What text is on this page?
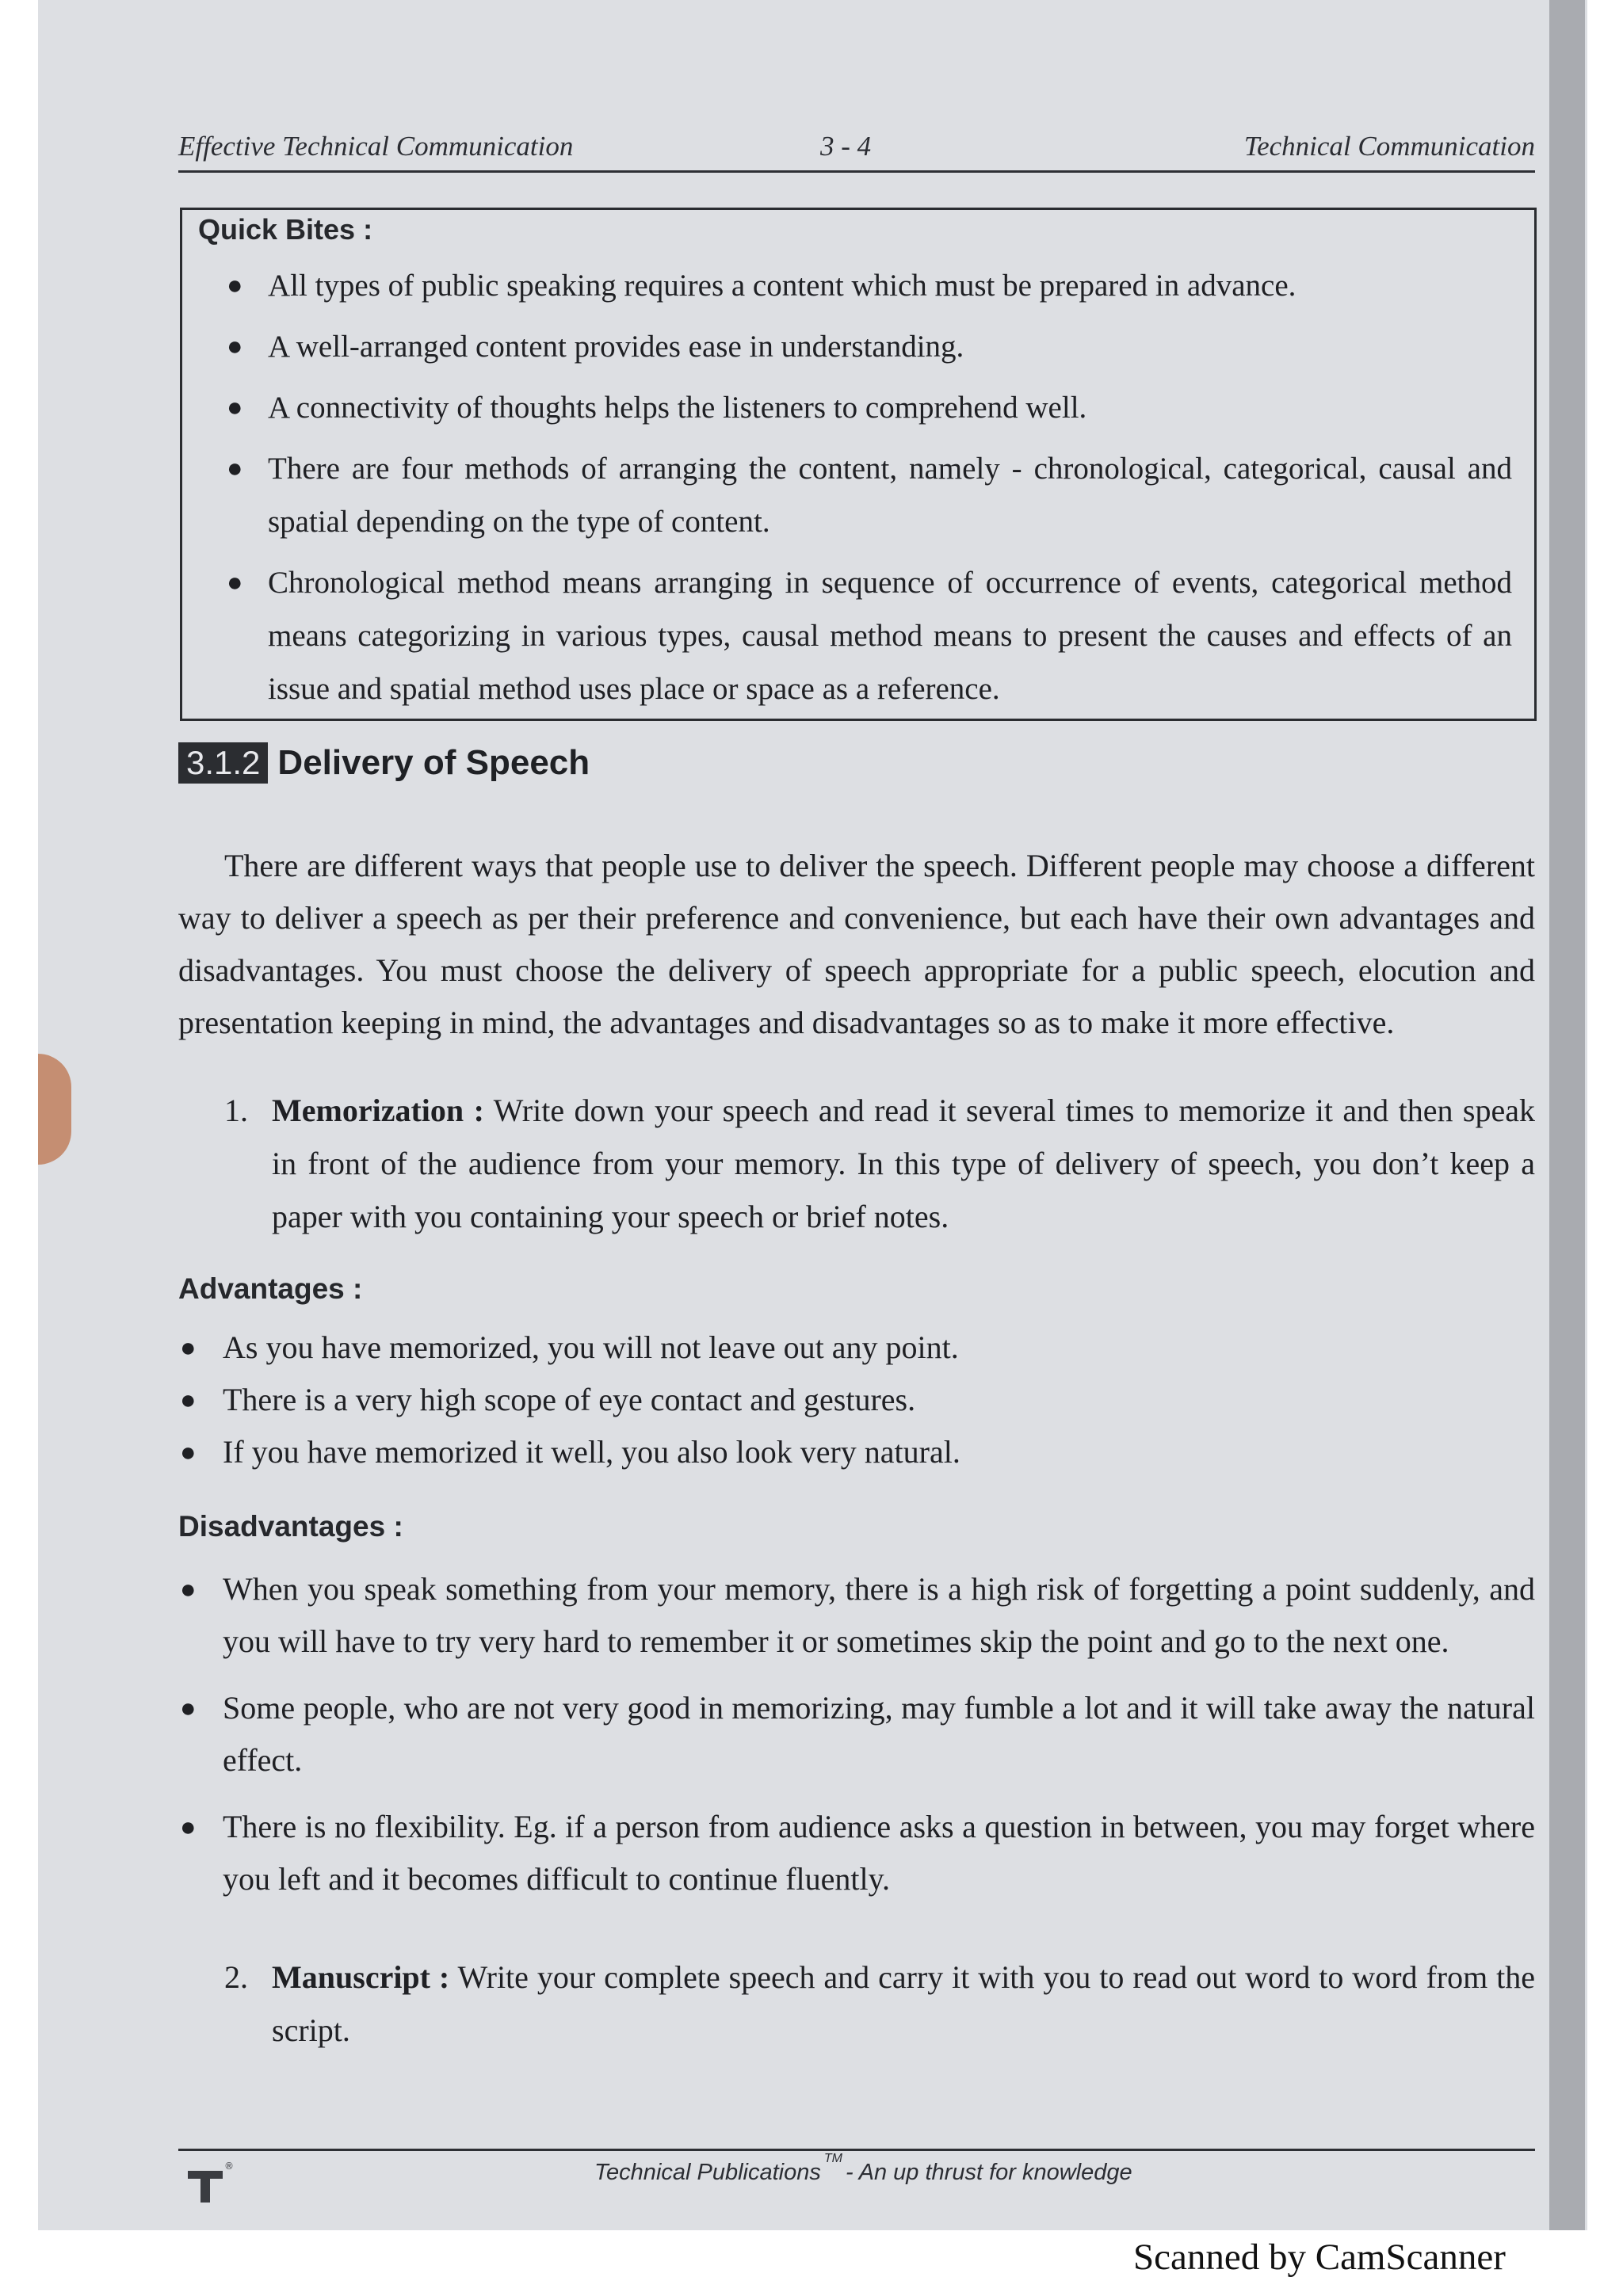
Effective Technical Communication	3 - 4	Technical Communication
Quick Bites :
● All types of public speaking requires a content which must be prepared in advance.
● A well-arranged content provides ease in understanding.
● A connectivity of thoughts helps the listeners to comprehend well.
● There are four methods of arranging the content, namely - chronological, categorical, causal and spatial depending on the type of content.
● Chronological method means arranging in sequence of occurrence of events, categorical method means categorizing in various types, causal method means to present the causes and effects of an issue and spatial method uses place or space as a reference.
3.1.2 Delivery of Speech

There are different ways that people use to deliver the speech. Different people may choose a different way to deliver a speech as per their preference and convenience, but each have their own advantages and disadvantages. You must choose the delivery of speech appropriate for a public speech, elocution and presentation keeping in mind, the advantages and disadvantages so as to make it more effective.

1. Memorization : Write down your speech and read it several times to memorize it and then speak in front of the audience from your memory. In this type of delivery of speech, you don’t keep a paper with you containing your speech or brief notes.
Advantages :
● As you have memorized, you will not leave out any point.
● There is a very high scope of eye contact and gestures.
● If you have memorized it well, you also look very natural.
Disadvantages :
● When you speak something from your memory, there is a high risk of forgetting a point suddenly, and you will have to try very hard to remember it or sometimes skip the point and go to the next one.
● Some people, who are not very good in memorizing, may fumble a lot and it will take away the natural effect.
● There is no flexibility. Eg. if a person from audience asks a question in between, you may forget where you left and it becomes difficult to continue fluently.
2. Manuscript : Write your complete speech and carry it with you to read out word to word from the script.
®	Technical Publications™- An up thrust for knowledge
Scanned by CamScanner
